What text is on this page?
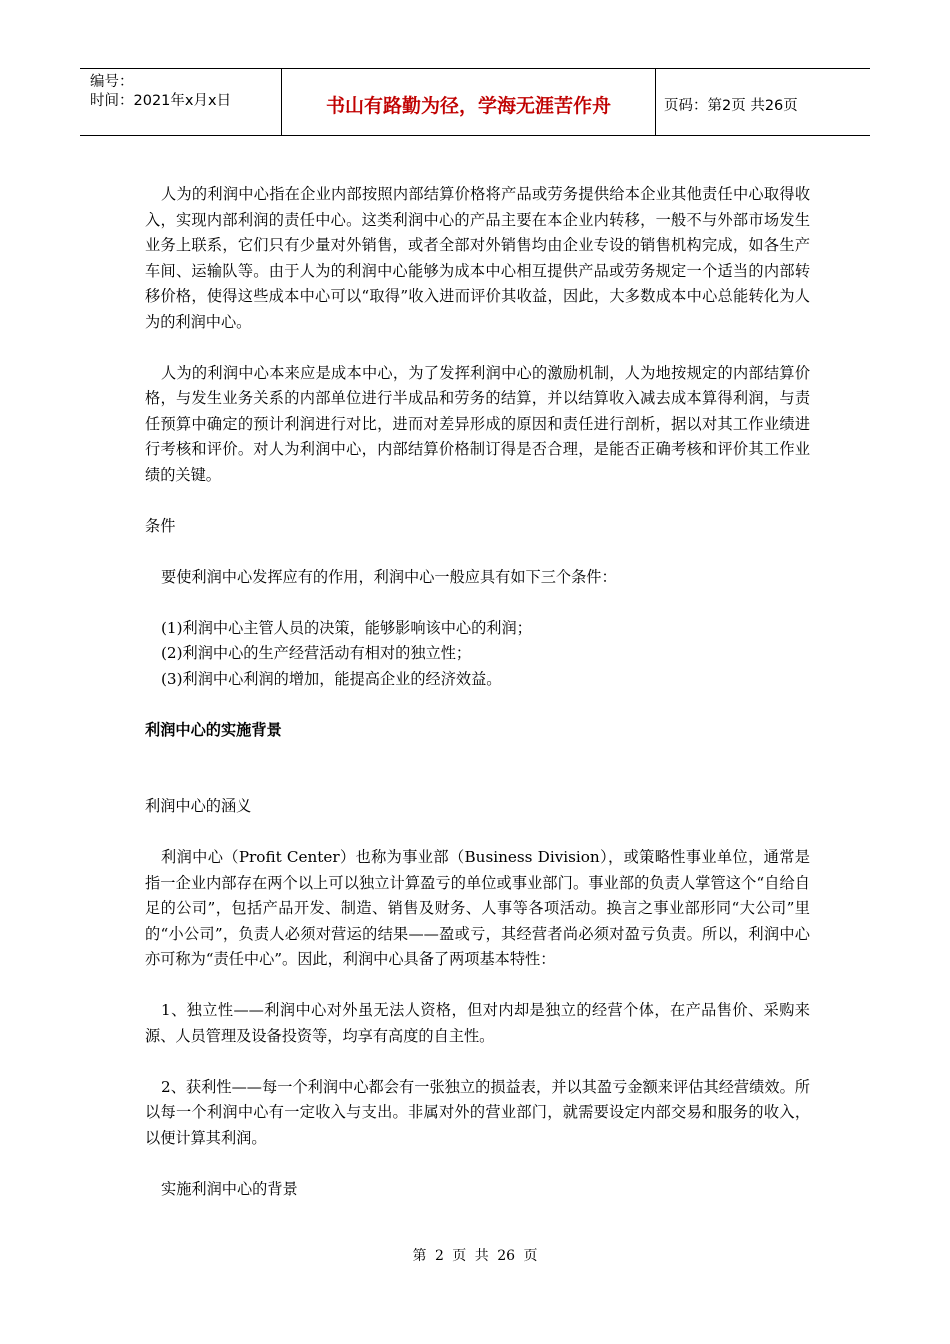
编号：
时间：2021年x月x日	书山有路勤为径，学海无涯苦作舟	页码：第2页 共26页

人为的利润中心指在企业内部按照内部结算价格将产品或劳务提供给本企业其他责任中心取得收入，实现内部利润的责任中心。这类利润中心的产品主要在本企业内转移，一般不与外部市场发生业务上联系，它们只有少量对外销售，或者全部对外销售均由企业专设的销售机构完成，如各生产车间、运输队等。由于人为的利润中心能够为成本中心相互提供产品或劳务规定一个适当的内部转移价格，使得这些成本中心可以“取得”收入进而评价其收益，因此，大多数成本中心总能转化为人为的利润中心。

人为的利润中心本来应是成本中心，为了发挥利润中心的激励机制，人为地按规定的内部结算价格，与发生业务关系的内部单位进行半成品和劳务的结算，并以结算收入减去成本算得利润，与责任预算中确定的预计利润进行对比，进而对差异形成的原因和责任进行剖析，据以对其工作业绩进行考核和评价。对人为利润中心，内部结算价格制订得是否合理，是能否正确考核和评价其工作业绩的关键。

条件

要使利润中心发挥应有的作用，利润中心一般应具有如下三个条件：

(1)利润中心主管人员的决策，能够影响该中心的利润；

(2)利润中心的生产经营活动有相对的独立性；

(3)利润中心利润的增加，能提高企业的经济效益。

利润中心的实施背景

利润中心的涵义

利润中心（Profit Center）也称为事业部（Business Division），或策略性事业单位，通常是指一企业内部存在两个以上可以独立计算盈亏的单位或事业部门。事业部的负责人掌管这个“自给自足的公司”，包括产品开发、制造、销售及财务、人事等各项活动。换言之事业部形同“大公司”里的“小公司”，负责人必须对营运的结果——盈或亏，其经营者尚必须对盈亏负责。所以，利润中心亦可称为“责任中心”。因此，利润中心具备了两项基本特性：

1、独立性——利润中心对外虽无法人资格，但对内却是独立的经营个体，在产品售价、采购来源、人员管理及设备投资等，均享有高度的自主性。

2、获利性——每一个利润中心都会有一张独立的损益表，并以其盈亏金额来评估其经营绩效。所以每一个利润中心有一定收入与支出。非属对外的营业部门，就需要设定内部交易和服务的收入，以便计算其利润。

实施利润中心的背景

第 2 页 共 26 页
